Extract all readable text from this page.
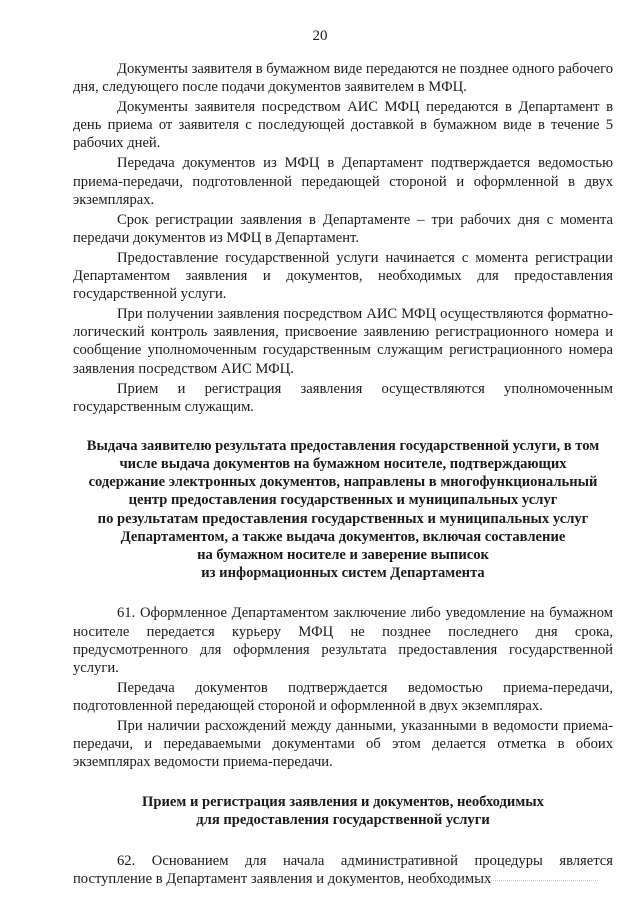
20

Документы заявителя в бумажном виде передаются не позднее одного рабочего дня, следующего после подачи документов заявителем в МФЦ.

Документы заявителя посредством АИС МФЦ передаются в Департамент в день приема от заявителя с последующей доставкой в бумажном виде в течение 5 рабочих дней.

Передача документов из МФЦ в Департамент подтверждается ведомостью приема-передачи, подготовленной передающей стороной и оформленной в двух экземплярах.

Срок регистрации заявления в Департаменте – три рабочих дня с момента передачи документов из МФЦ в Департамент.

Предоставление государственной услуги начинается с момента регистрации Департаментом заявления и документов, необходимых для предоставления государственной услуги.

При получении заявления посредством АИС МФЦ осуществляются форматно-логический контроль заявления, присвоение заявлению регистрационного номера и сообщение уполномоченным государственным служащим регистрационного номера заявления посредством АИС МФЦ.

Прием и регистрация заявления осуществляются уполномоченным государственным служащим.

Выдача заявителю результата предоставления государственной услуги, в том
числе выдача документов на бумажном носителе, подтверждающих
содержание электронных документов, направлены в многофункциональный
центр предоставления государственных и муниципальных услуг
по результатам предоставления государственных и муниципальных услуг
Департаментом, а также выдача документов, включая составление
на бумажном носителе и заверение выписок
из информационных систем Департамента

61. Оформленное Департаментом заключение либо уведомление на бумажном носителе передается курьеру МФЦ не позднее последнего дня срока, предусмотренного для оформления результата предоставления государственной услуги.

Передача документов подтверждается ведомостью приема-передачи, подготовленной передающей стороной и оформленной в двух экземплярах.

При наличии расхождений между данными, указанными в ведомости приема-передачи, и передаваемыми документами об этом делается отметка в обоих экземплярах ведомости приема-передачи.

Прием и регистрация заявления и документов, необходимых
для предоставления государственной услуги

62. Основанием для начала административной процедуры является поступление в Департамент заявления и документов, необходимых
